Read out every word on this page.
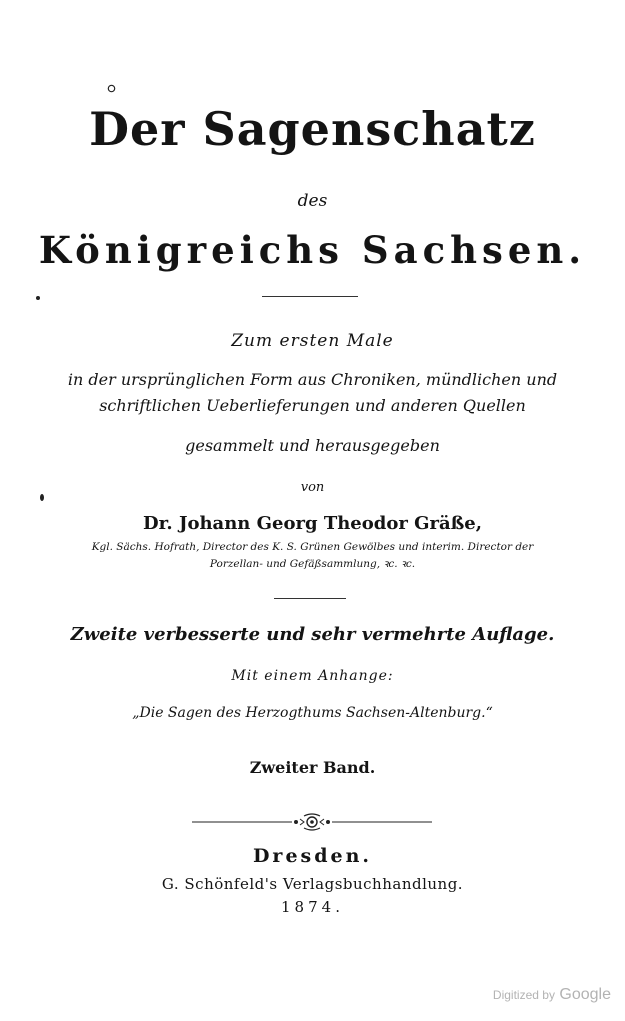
Der Sagenschatz
des
Königreichs Sachsen.
Zum ersten Male
in der ursprünglichen Form aus Chroniken, mündlichen und
schriftlichen Ueberlieferungen und anderen Quellen
gesammelt und herausgegeben
von
Dr. Johann Georg Theodor Gräße,
Kgl. Sächs. Hofrath, Director des K. S. Grünen Gewölbes und interim. Director der
Porzellan- und Gefäßsammlung, ꝛc. ꝛc.
Zweite verbesserte und sehr vermehrte Auflage.
Mit einem Anhange:
„Die Sagen des Herzogthums Sachsen-Altenburg.“
Zweiter Band.
Dresden.
G. Schönfeld's Verlagsbuchhandlung.
1874.
Digitized by Google
